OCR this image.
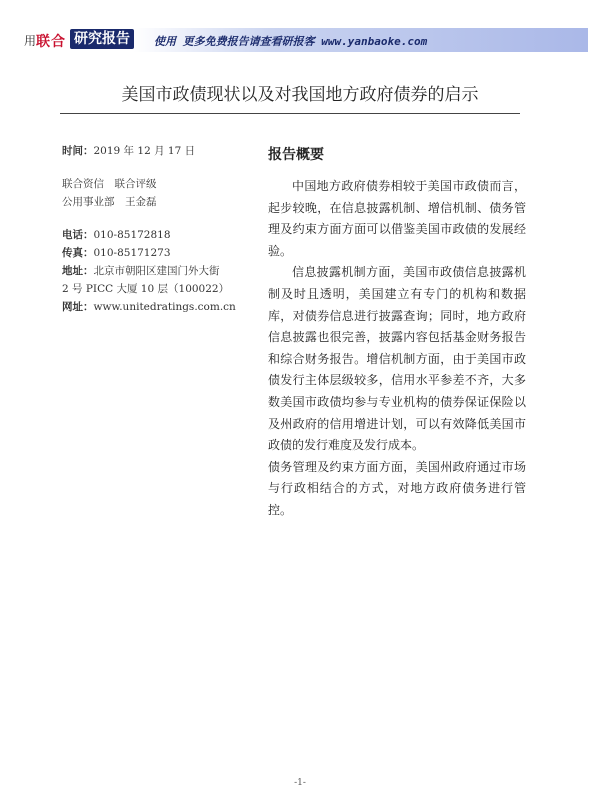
用 联合 研究报告	使用 更多免费报告请查看研报客 www.yanbaoke.com
美国市政债现状以及对我国地方政府债券的启示
时间：2019 年 12 月 17 日
联合资信　联合评级
公用事业部　王金磊
电话：010-85172818
传真：010-85171273
地址：北京市朝阳区建国门外大街
2 号 PICC 大厦 10 层（100022）
网址：www.unitedratings.com.cn
报告概要

中国地方政府债券相较于美国市政债而言，起步较晚，在信息披露机制、增信机制、债务管理及约束方面方面可以借鉴美国市政债的发展经验。

信息披露机制方面，美国市政债信息披露机制及时且透明，美国建立有专门的机构和数据库，对债券信息进行披露查询；同时，地方政府信息披露也很完善，披露内容包括基金财务报告和综合财务报告。增信机制方面，由于美国市政债发行主体层级较多，信用水平参差不齐，大多数美国市政债均参与专业机构的债券保证保险以及州政府的信用增进计划，可以有效降低美国市政债的发行难度及发行成本。

债务管理及约束方面方面，美国州政府通过市场与行政相结合的方式，对地方政府债务进行管控。

-1-
